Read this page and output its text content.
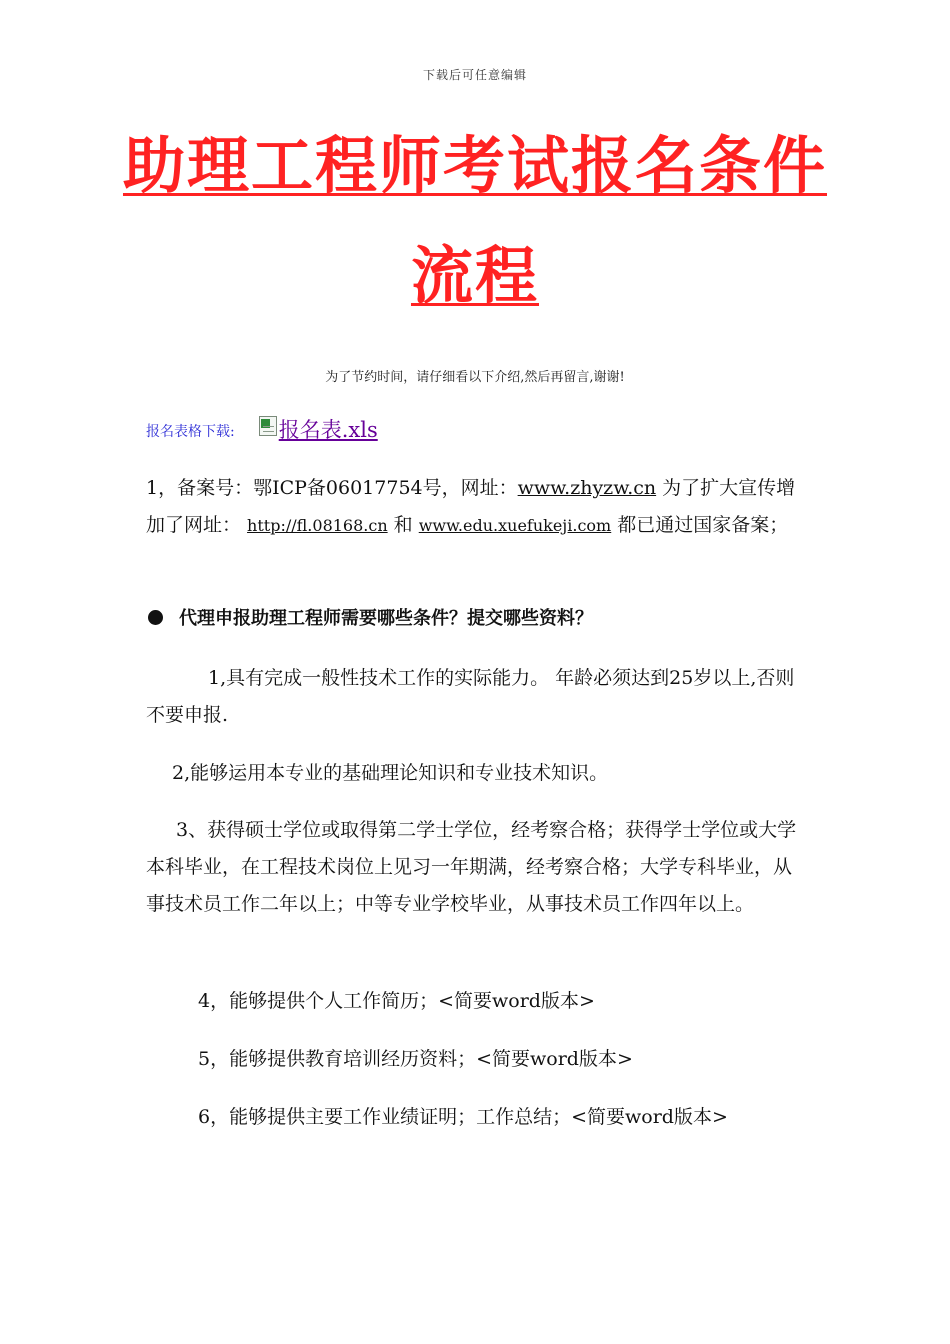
下载后可任意编辑
助理工程师考试报名条件
流程
为了节约时间，请仔细看以下介绍,然后再留言,谢谢!
报名表格下载: 报名表.xls
1，备案号：鄂ICP备06017754号，网址：www.zhyzw.cn 为了扩大宣传增加了网址： http://fl.08168.cn 和 www.edu.xuefukeji.com 都已通过国家备案；
代理申报助理工程师需要哪些条件？提交哪些资料？
1,具有完成一般性技术工作的实际能力。 年龄必须达到25岁以上,否则不要申报.
2,能够运用本专业的基础理论知识和专业技术知识。
3、获得硕士学位或取得第二学士学位，经考察合格；获得学士学位或大学本科毕业，在工程技术岗位上见习一年期满，经考察合格；大学专科毕业，从事技术员工作二年以上；中等专业学校毕业，从事技术员工作四年以上。
4，能够提供个人工作简历；<简要word版本>
5，能够提供教育培训经历资料；<简要word版本>
6，能够提供主要工作业绩证明；工作总结；<简要word版本>
